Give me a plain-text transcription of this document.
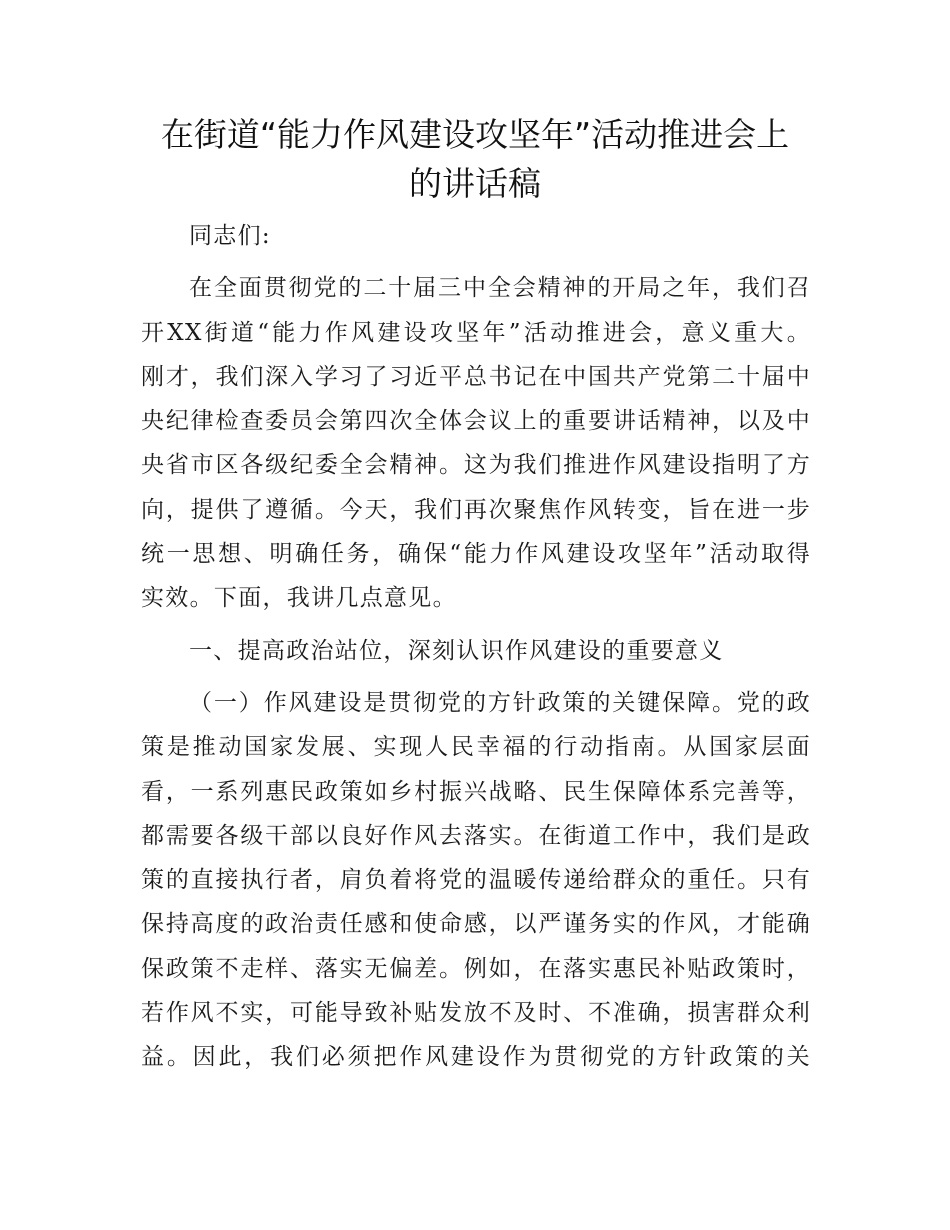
在街道“能力作风建设攻坚年”活动推进会上
的讲话稿

同志们:

在全面贯彻党的二十届三中全会精神的开局之年，我们召
开XX街道“能力作风建设攻坚年”活动推进会，意义重大。
刚才，我们深入学习了习近平总书记在中国共产党第二十届中
央纪律检查委员会第四次全体会议上的重要讲话精神，以及中
央省市区各级纪委全会精神。这为我们推进作风建设指明了方
向，提供了遵循。今天，我们再次聚焦作风转变，旨在进一步
统一思想、明确任务，确保“能力作风建设攻坚年”活动取得
实效。下面，我讲几点意见。

一、提高政治站位，深刻认识作风建设的重要意义

（一）作风建设是贯彻党的方针政策的关键保障。党的政
策是推动国家发展、实现人民幸福的行动指南。从国家层面
看，一系列惠民政策如乡村振兴战略、民生保障体系完善等，
都需要各级干部以良好作风去落实。在街道工作中，我们是政
策的直接执行者，肩负着将党的温暖传递给群众的重任。只有
保持高度的政治责任感和使命感，以严谨务实的作风，才能确
保政策不走样、落实无偏差。例如，在落实惠民补贴政策时，
若作风不实，可能导致补贴发放不及时、不准确，损害群众利
益。因此，我们必须把作风建设作为贯彻党的方针政策的关
